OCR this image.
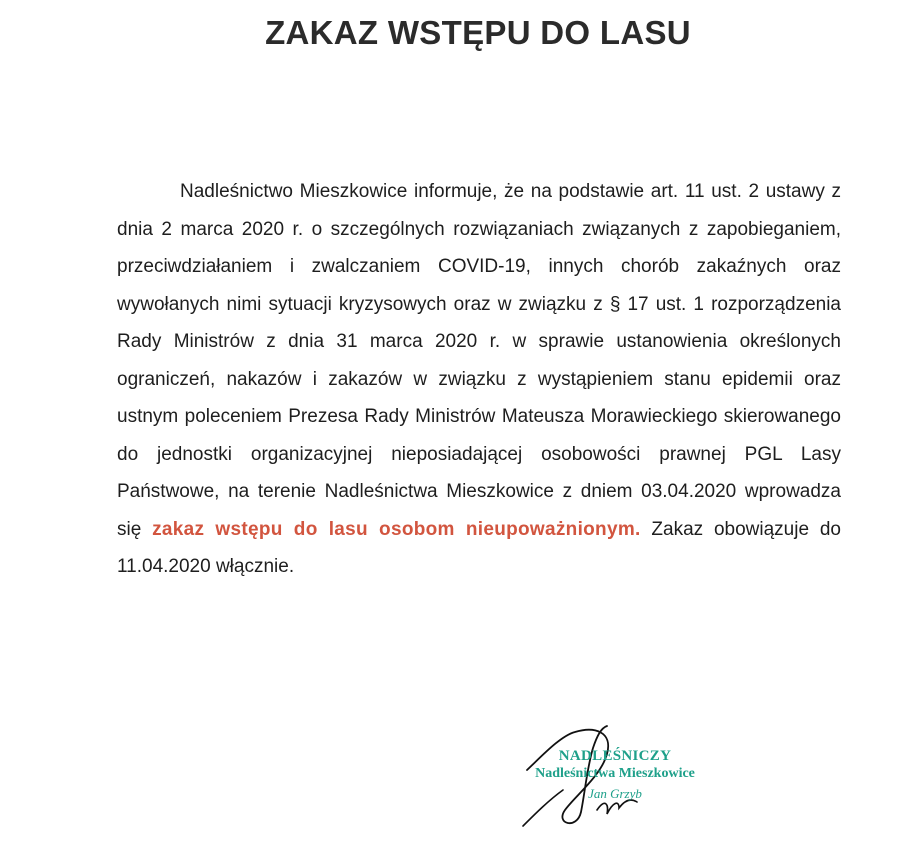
ZAKAZ WSTĘPU DO LASU

Nadleśnictwo Mieszkowice informuje, że na podstawie art. 11 ust. 2 ustawy z dnia 2 marca 2020 r. o szczególnych rozwiązaniach związanych z zapobieganiem, przeciwdziałaniem i zwalczaniem COVID-19, innych chorób zakaźnych oraz wywołanych nimi sytuacji kryzysowych oraz w związku z § 17 ust. 1 rozporządzenia Rady Ministrów z dnia 31 marca 2020 r. w sprawie ustanowienia określonych ograniczeń, nakazów i zakazów w związku z wystąpieniem stanu epidemii oraz ustnym poleceniem Prezesa Rady Ministrów Mateusza Morawieckiego skierowanego do jednostki organizacyjnej nieposiadającej osobowości prawnej PGL Lasy Państwowe, na terenie Nadleśnictwa Mieszkowice z dniem 03.04.2020 wprowadza się zakaz wstępu do lasu osobom nieupoważnionym. Zakaz obowiązuje do 11.04.2020 włącznie.

NADLEŚNICZY
Nadleśnictwa Mieszkowice
Jan Grzyb
